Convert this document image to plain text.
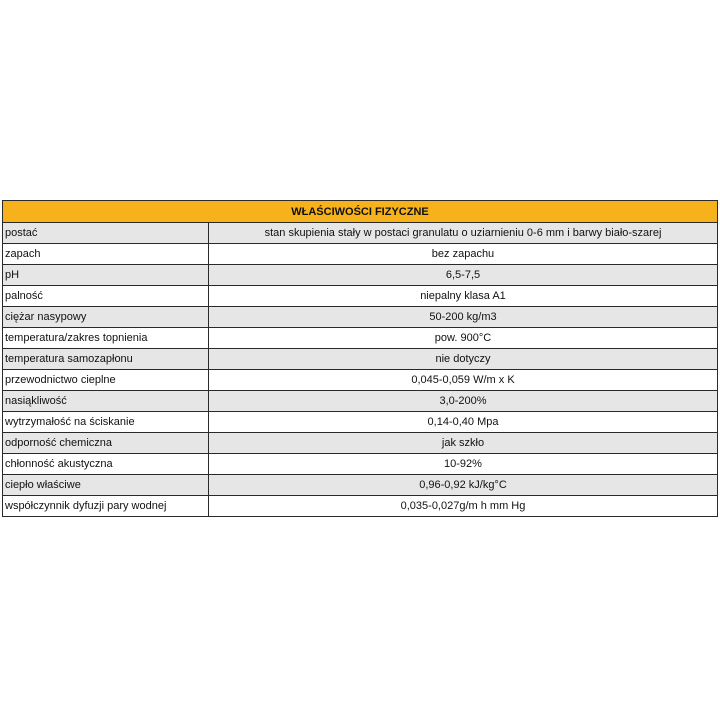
WŁAŚCIWOŚCI FIZYCZNE	
postać	stan skupienia stały w postaci granulatu o uziarnieniu 0-6 mm i barwy biało-szarej
zapach	bez zapachu
pH	6,5-7,5
palność	niepalny klasa A1
ciężar nasypowy	50-200 kg/m3
temperatura/zakres topnienia	pow. 900°C
temperatura samozapłonu	nie dotyczy
przewodnictwo cieplne	0,045-0,059 W/m x K
nasiąkliwość	3,0-200%
wytrzymałość na ściskanie	0,14-0,40 Mpa
odporność chemiczna	jak szkło
chłonność akustyczna	10-92%
ciepło właściwe	0,96-0,92 kJ/kg°C
współczynnik dyfuzji pary wodnej	0,035-0,027g/m h mm Hg
